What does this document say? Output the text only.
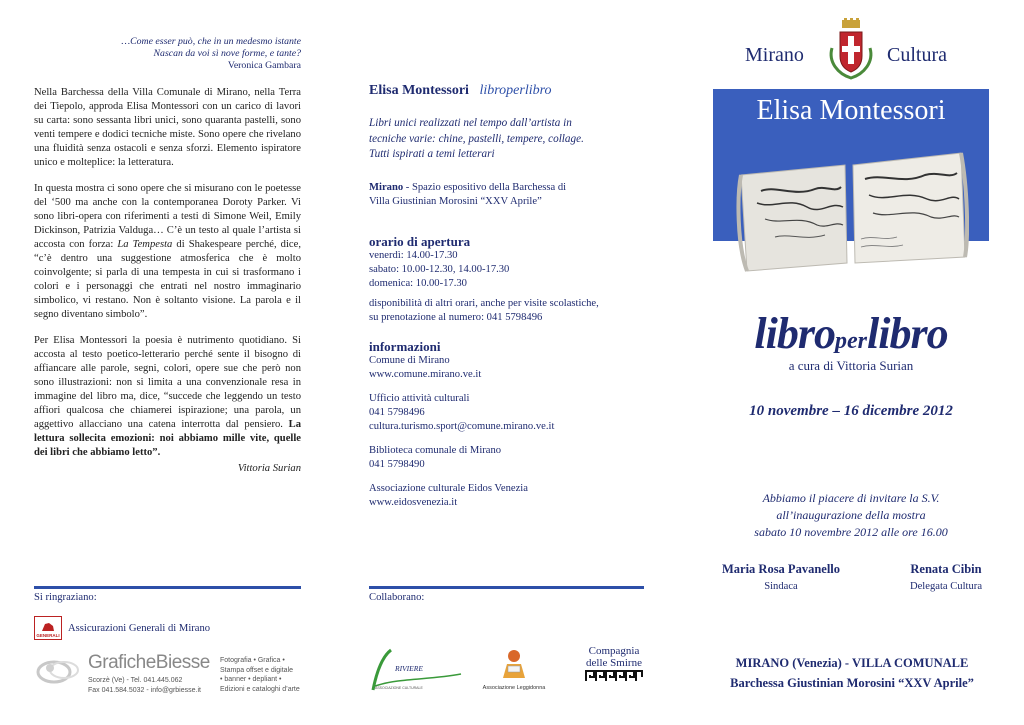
…Come esser può, che in un medesmo istante
Nascan da voi sì nove forme, e tante?
Veronica Gambara

Nella Barchessa della Villa Comunale di Mirano, nella Terra dei Tiepolo, approda Elisa Montessori con un carico di lavori su carta: sono sessanta libri unici, sono quaranta pastelli, sono venti tempere e dodici tecniche miste. Sono opere che rivelano una fluidità senza ostacoli e senza sforzi. Elemento ispiratore unico e molteplice: la letteratura.

In questa mostra ci sono opere che si misurano con le poetesse del ‘500 ma anche con la contemporanea Doroty Parker. Vi sono libri-opera con riferimenti a testi di Simone Weil, Emily Dickinson, Patrizia Valduga… C’è un testo al quale l’artista si accosta con forza: La Tempesta di Shakespeare perché, dice, “c’è dentro una suggestione atmosferica che è molto coinvolgente; si parla di una tempesta in cui si trasformano i colori e i personaggi che entrati nel nostro immaginario simbolico, vi restano. Non è soltanto visione. La parola e il segno diventano simbolo”.

Per Elisa Montessori la poesia è nutrimento quotidiano. Si accosta al testo poetico-letterario perché sente il bisogno di affiancare alle parole, segni, colori, opere sue che però non sono illustrazioni: non si limita a una convenzionale resa in immagine del libro ma, dice, “succede che leggendo un testo affiori qualcosa che chiamerei ispirazione; una parola, un aggettivo allacciano una catena interrotta dal pensiero. La lettura sollecita emozioni: noi abbiamo mille vite, quelle dei libri che abbiamo letto”.

Vittoria Surian
Si ringraziano:
GENERALI
Assicurazioni Generali di Mirano
GraficheBiesse
Scorzè (Ve) - Tel. 041.445.062
Fax 041.584.5032 - info@grbiesse.it
Fotografia • Grafica •
Stampa offset e digitale
• banner • depliant •
Edizioni e cataloghi d’arte
Elisa Montessori libroperlibro
Libri unici realizzati nel tempo dall’artista in
tecniche varie: chine, pastelli, tempere, collage.
Tutti ispirati a temi letterari
Mirano - Spazio espositivo della Barchessa di
Villa Giustinian Morosini “XXV Aprile”
orario di apertura
venerdì: 14.00-17.30
sabato: 10.00-12.30, 14.00-17.30
domenica: 10.00-17.30
disponibilità di altri orari, anche per visite scolastiche,
su prenotazione al numero: 041 5798496
informazioni
Comune di Mirano
www.comune.mirano.ve.it
Ufficio attività culturali
041 5798496
cultura.turismo.sport@comune.mirano.ve.it
Biblioteca comunale di Mirano
041 5798490
Associazione culturale Eidos Venezia
www.eidosvenezia.it
Collaborano:
RIVIERE
ASSOCIAZIONE CULTURALE	Associazione Leggidonna
Compagnia
delle Smirne
Mirano	Cultura
Elisa Montessori
libroperlibro
a cura di Vittoria Surian
10 novembre – 16 dicembre 2012
Abbiamo il piacere di invitare la S.V.
all’inaugurazione della mostra
sabato 10 novembre 2012 alle ore 16.00
Maria Rosa Pavanello
Sindaca
Renata Cibin
Delegata Cultura
MIRANO (Venezia) - VILLA COMUNALE
Barchessa Giustinian Morosini “XXV Aprile”
